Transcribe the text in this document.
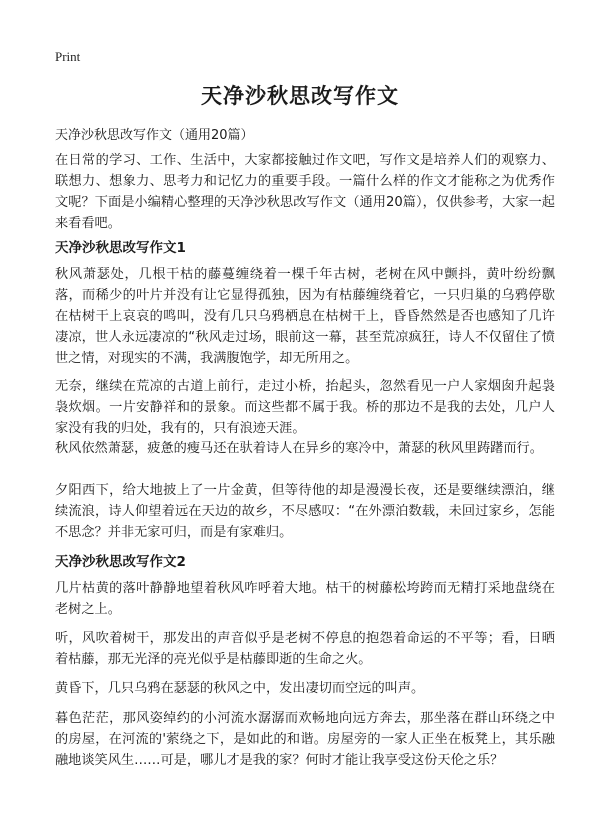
Print
天净沙秋思改写作文

天净沙秋思改写作文（通用20篇）

在日常的学习、工作、生活中，大家都接触过作文吧，写作文是培养人们的观察力、联想力、想象力、思考力和记忆力的重要手段。一篇什么样的作文才能称之为优秀作文呢？下面是小编精心整理的天净沙秋思改写作文（通用20篇），仅供参考，大家一起来看看吧。

天净沙秋思改写作文1

秋风萧瑟处，几根干枯的藤蔓缠绕着一棵千年古树，老树在风中颤抖，黄叶纷纷飘落，而稀少的叶片并没有让它显得孤独，因为有枯藤缠绕着它，一只归巢的乌鸦停歇在枯树干上哀哀的鸣叫，没有几只乌鸦栖息在枯树干上，昏昏然然是否也感知了几许凄凉，世人永远凄凉的“秋风走过场，眼前这一幕，甚至荒凉疯狂，诗人不仅留住了愤世之情，对现实的不满，我满腹饱学，却无所用之。

无奈，继续在荒凉的古道上前行，走过小桥，抬起头，忽然看见一户人家烟囱升起袅袅炊烟。一片安静祥和的景象。而这些都不属于我。桥的那边不是我的去处，几户人家没有我的归处，我有的，只有浪迹天涯。

秋风依然萧瑟，疲惫的瘦马还在驮着诗人在异乡的寒冷中，萧瑟的秋风里踌躇而行。

夕阳西下，给大地披上了一片金黄，但等待他的却是漫漫长夜，还是要继续漂泊，继续流浪，诗人仰望着远在天边的故乡，不尽感叹：“在外漂泊数载，未回过家乡，怎能不思念？并非无家可归，而是有家难归。

天净沙秋思改写作文2

几片枯黄的落叶静静地望着秋风咋呼着大地。枯干的树藤松垮跨而无精打采地盘绕在老树之上。

听，风吹着树干，那发出的声音似乎是老树不停息的抱怨着命运的不平等；看，日晒着枯藤，那无光泽的亮光似乎是枯藤即逝的生命之火。

黄昏下，几只乌鸦在瑟瑟的秋风之中，发出凄切而空远的叫声。

暮色茫茫，那风姿绰约的小河流水潺潺而欢畅地向远方奔去，那坐落在群山环绕之中的房屋，在河流的'萦绕之下，是如此的和谐。房屋旁的一家人正坐在板凳上，其乐融融地谈笑风生……可是，哪儿才是我的家？何时才能让我享受这份天伦之乐？
